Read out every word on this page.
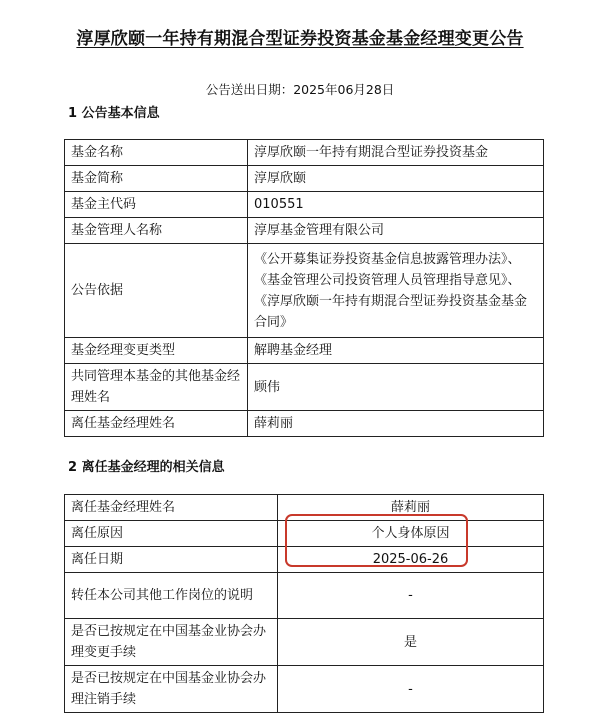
淳厚欣颐一年持有期混合型证券投资基金基金经理变更公告
公告送出日期：2025年06月28日
1 公告基本信息
基金名称	淳厚欣颐一年持有期混合型证券投资基金
基金简称	淳厚欣颐
基金主代码	010551
基金管理人名称	淳厚基金管理有限公司
公告依据	《公开募集证券投资基金信息披露管理办法》、《基金管理公司投资管理人员管理指导意见》、《淳厚欣颐一年持有期混合型证券投资基金基金合同》
基金经理变更类型	解聘基金经理
共同管理本基金的其他基金经理姓名	顾伟
离任基金经理姓名	薛莉丽
2 离任基金经理的相关信息
离任基金经理姓名	薛莉丽
离任原因	个人身体原因
离任日期	2025-06-26
转任本公司其他工作岗位的说明	-
是否已按规定在中国基金业协会办理变更手续	是
是否已按规定在中国基金业协会办理注销手续	-
